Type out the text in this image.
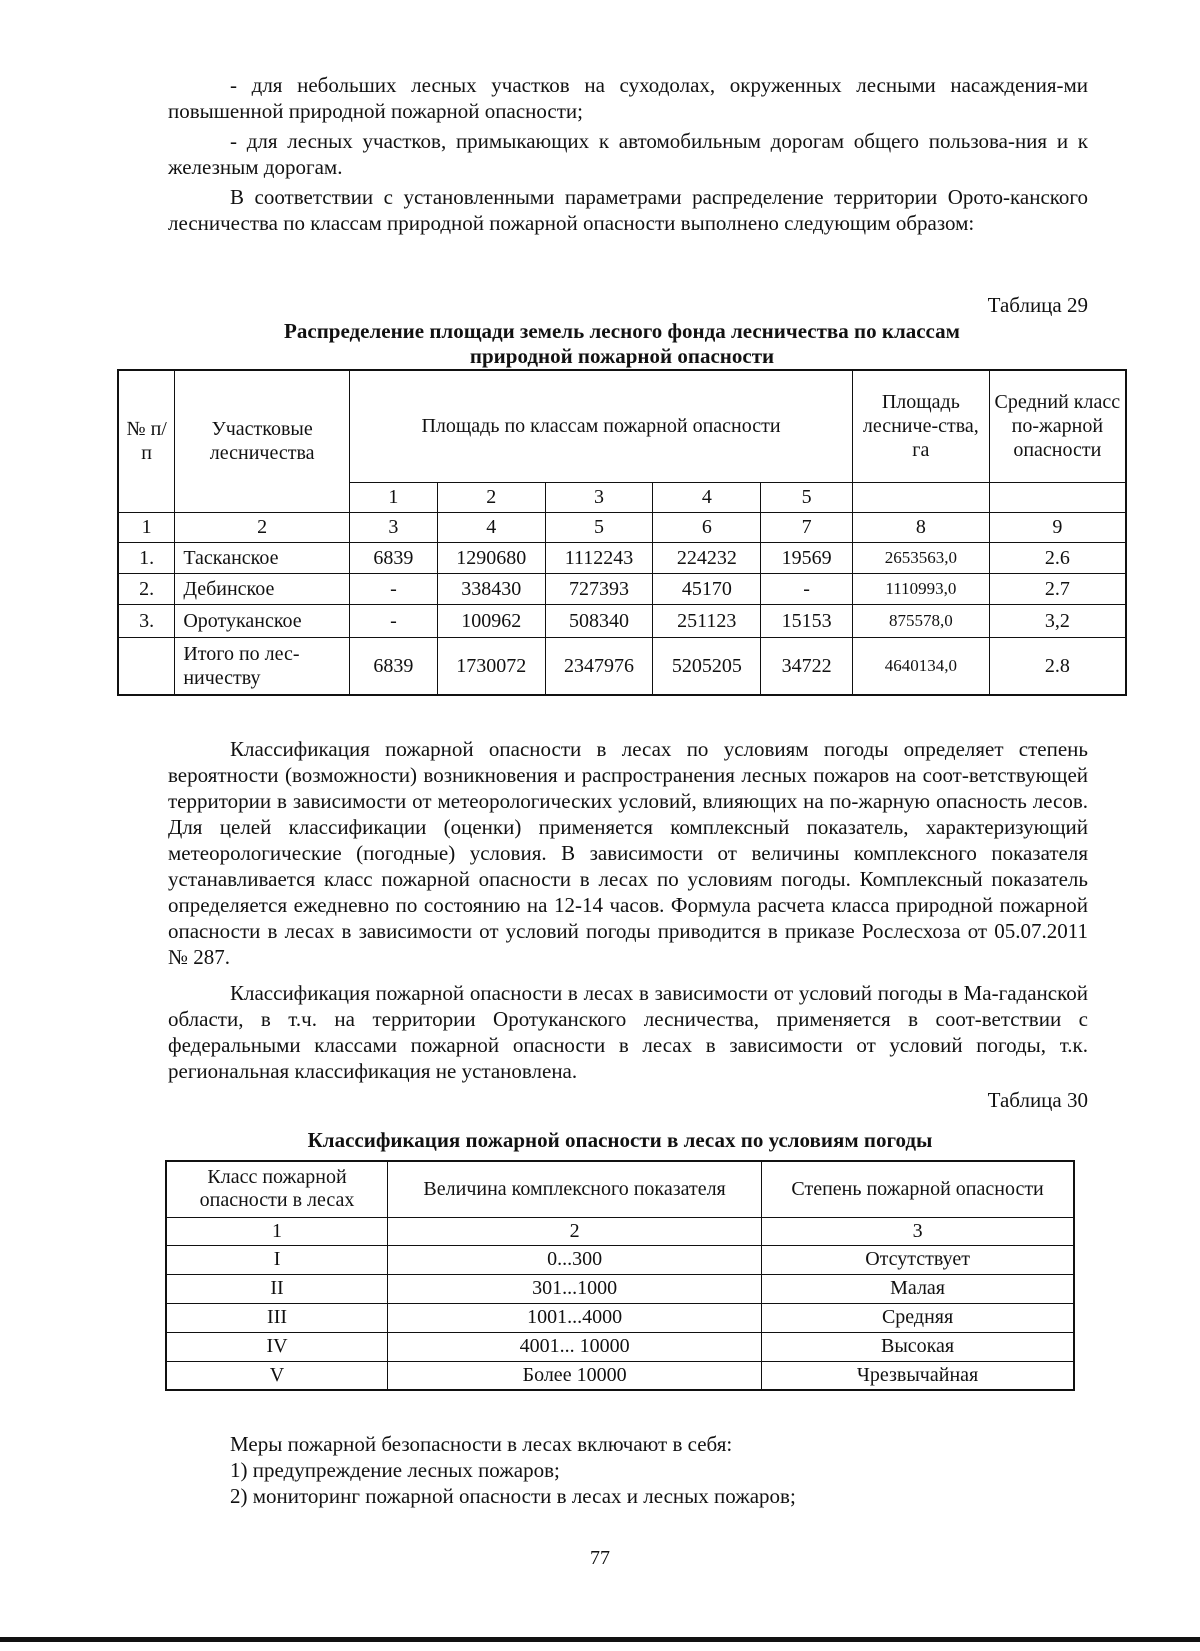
- для небольших лесных участков на суходолах, окруженных лесными насаждения-ми повышенной природной пожарной опасности;

- для лесных участков, примыкающих к автомобильным дорогам общего пользова-ния и к железным дорогам.

В соответствии с установленными параметрами распределение территории Орото-канского лесничества по классам природной пожарной опасности выполнено следующим образом:

Таблица 29

Распределение площади земель лесного фонда лесничества по классам

природной пожарной опасности

№ п/п	Участковые лесничества	Площадь по классам пожарной опасности					Площадь лесниче-ства, га	Средний класс по-жарной опасности
		1	2	3	4	5		
1	2	3	4	5	6	7	8	9
1.	Тасканское	6839	1290680	1112243	224232	19569	2653563,0	2.6
2.	Дебинское	-	338430	727393	45170	-	1110993,0	2.7
3.	Оротуканское	-	100962	508340	251123	15153	875578,0	3,2
	Итого по лес-ничеству	6839	1730072	2347976	5205205	34722	4640134,0	2.8

Классификация пожарной опасности в лесах по условиям погоды определяет степень вероятности (возможности) возникновения и распространения лесных пожаров на соот-ветствующей территории в зависимости от метеорологических условий, влияющих на по-жарную опасность лесов. Для целей классификации (оценки) применяется комплексный показатель, характеризующий метеорологические (погодные) условия. В зависимости от величины комплексного показателя устанавливается класс пожарной опасности в лесах по условиям погоды. Комплексный показатель определяется ежедневно по состоянию на 12-14 часов. Формула расчета класса природной пожарной опасности в лесах в зависимости от условий погоды приводится в приказе Рослесхоза от 05.07.2011 № 287.

Классификация пожарной опасности в лесах в зависимости от условий погоды в Ма-гаданской области, в т.ч. на территории Оротуканского лесничества, применяется в соот-ветствии с федеральными классами пожарной опасности в лесах в зависимости от условий погоды, т.к. региональная классификация не установлена.

Таблица 30

Классификация пожарной опасности в лесах по условиям погоды

Класс пожарной опасности в лесах	Величина комплексного показателя	Степень пожарной опасности
1	2	3
I	0...300	Отсутствует
II	301...1000	Малая
III	1001...4000	Средняя
IV	4001... 10000	Высокая
V	Более 10000	Чрезвычайная

Меры пожарной безопасности в лесах включают в себя:

1) предупреждение лесных пожаров;

2) мониторинг пожарной опасности в лесах и лесных пожаров;

77
